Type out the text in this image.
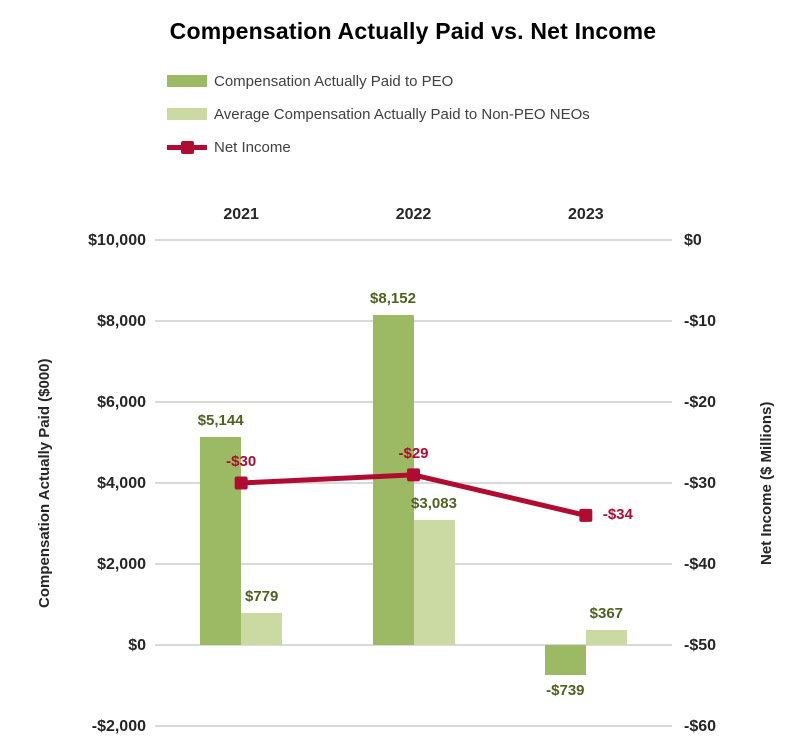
Compensation Actually Paid vs. Net Income
Compensation Actually Paid to PEO
Average Compensation Actually Paid to Non-PEO NEOs
Net Income
Compensation Actually Paid ($000)	Net Income ($ Millions)
$10,000
$8,000
$6,000
$4,000
$2,000
$0
-$2,000
$0
-$10
-$20
-$30
-$40
-$50
-$60
2021	2022	2023
$5,144
$8,152
-$739
$779
$3,083
$367
-$30	-$29
-$34
